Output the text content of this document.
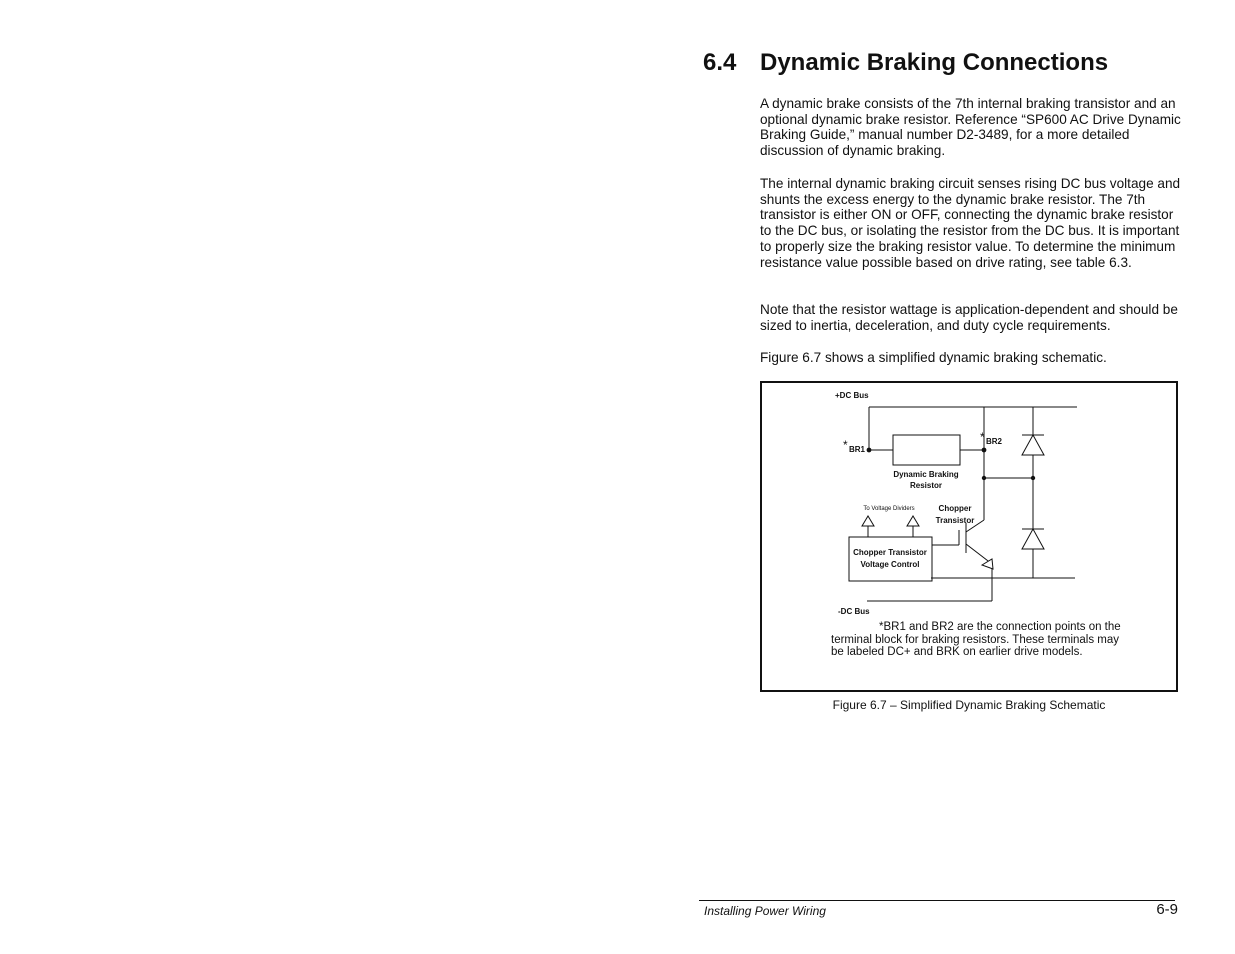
6.4 Dynamic Braking Connections

A dynamic brake consists of the 7th internal braking transistor and an optional dynamic brake resistor. Reference “SP600 AC Drive Dynamic Braking Guide,” manual number D2-3489, for a more detailed discussion of dynamic braking.

The internal dynamic braking circuit senses rising DC bus voltage and shunts the excess energy to the dynamic brake resistor. The 7th transistor is either ON or OFF, connecting the dynamic brake resistor to the DC bus, or isolating the resistor from the DC bus. It is important to properly size the braking resistor value. To determine the minimum resistance value possible based on drive rating, see table 6.3.

Note that the resistor wattage is application-dependent and should be sized to inertia, deceleration, and duty cycle requirements.

Figure 6.7 shows a simplified dynamic braking schematic.

+DC Bus
-DC Bus
* BR1
* BR2
Dynamic Braking
Resistor
Chopper
Transistor
To Voltage Dividers
Chopper Transistor
Voltage Control

*BR1 and BR2 are the connection points on the terminal block for braking resistors. These terminals may be labeled DC+ and BRK on earlier drive models.

Figure 6.7 – Simplified Dynamic Braking Schematic

Installing Power Wiring	6-9
